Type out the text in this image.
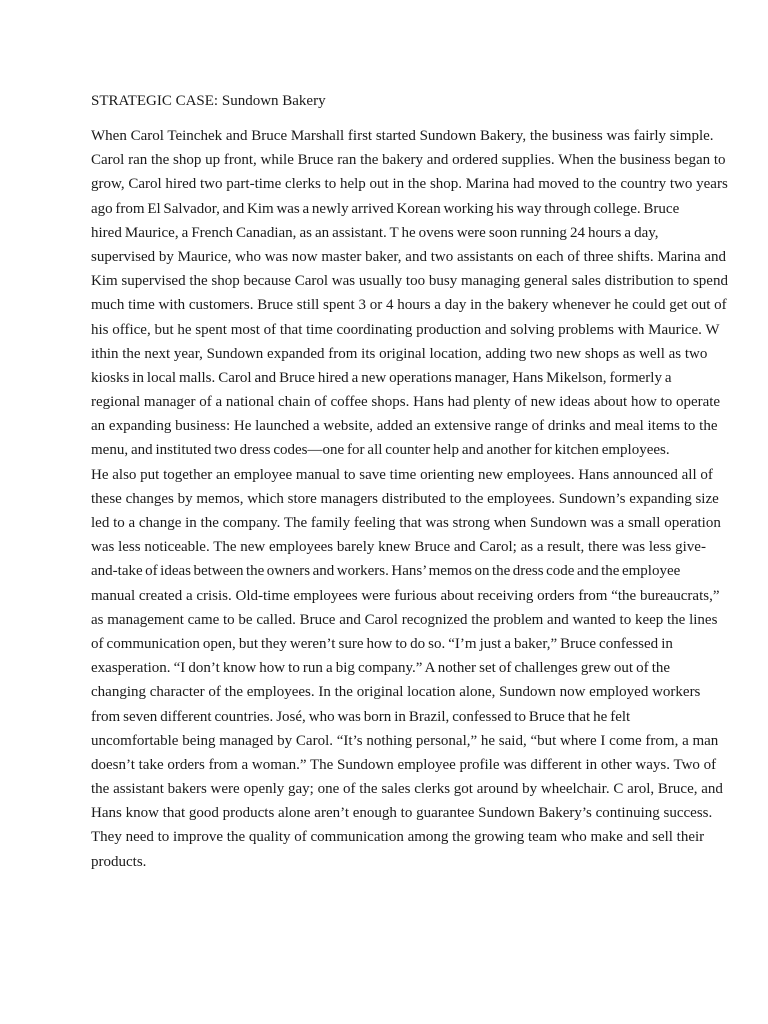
STRATEGIC CASE: Sundown Bakery

When Carol Teinchek and Bruce Marshall first started Sundown Bakery, the business was fairly simple.
Carol ran the shop up front, while Bruce ran the bakery and ordered supplies. When the business began to
grow, Carol hired two part-time clerks to help out in the shop. Marina had moved to the country two years
ago from El Salvador, and Kim was a newly arrived Korean working his way through college. Bruce
hired Maurice, a French Canadian, as an assistant. T he ovens were soon running 24 hours a day,
supervised by Maurice, who was now master baker, and two assistants on each of three shifts. Marina and
Kim supervised the shop because Carol was usually too busy managing general sales distribution to spend
much time with customers. Bruce still spent 3 or 4 hours a day in the bakery whenever he could get out of
his office, but he spent most of that time coordinating production and solving problems with Maurice. W
ithin the next year, Sundown expanded from its original location, adding two new shops as well as two
kiosks in local malls. Carol and Bruce hired a new operations manager, Hans Mikelson, formerly a
regional manager of a national chain of coffee shops. Hans had plenty of new ideas about how to operate
an expanding business: He launched a website, added an extensive range of drinks and meal items to the
menu, and instituted two dress codes—one for all counter help and another for kitchen employees.
He also put together an employee manual to save time orienting new employees. Hans announced all of
these changes by memos, which store managers distributed to the employees. Sundown’s expanding size
led to a change in the company. The family feeling that was strong when Sundown was a small operation
was less noticeable. The new employees barely knew Bruce and Carol; as a result, there was less give-
and-take of ideas between the owners and workers. Hans’ memos on the dress code and the employee
manual created a crisis. Old-time employees were furious about receiving orders from “the bureaucrats,”
as management came to be called. Bruce and Carol recognized the problem and wanted to keep the lines
of communication open, but they weren’t sure how to do so. “I’m just a baker,” Bruce confessed in
exasperation. “I don’t know how to run a big company.” A nother set of challenges grew out of the
changing character of the employees. In the original location alone, Sundown now employed workers
from seven different countries. José, who was born in Brazil, confessed to Bruce that he felt
uncomfortable being managed by Carol. “It’s nothing personal,” he said, “but where I come from, a man
doesn’t take orders from a woman.” The Sundown employee profile was different in other ways. Two of
the assistant bakers were openly gay; one of the sales clerks got around by wheelchair. C arol, Bruce, and
Hans know that good products alone aren’t enough to guarantee Sundown Bakery’s continuing success.
They need to improve the quality of communication among the growing team who make and sell their
products.
